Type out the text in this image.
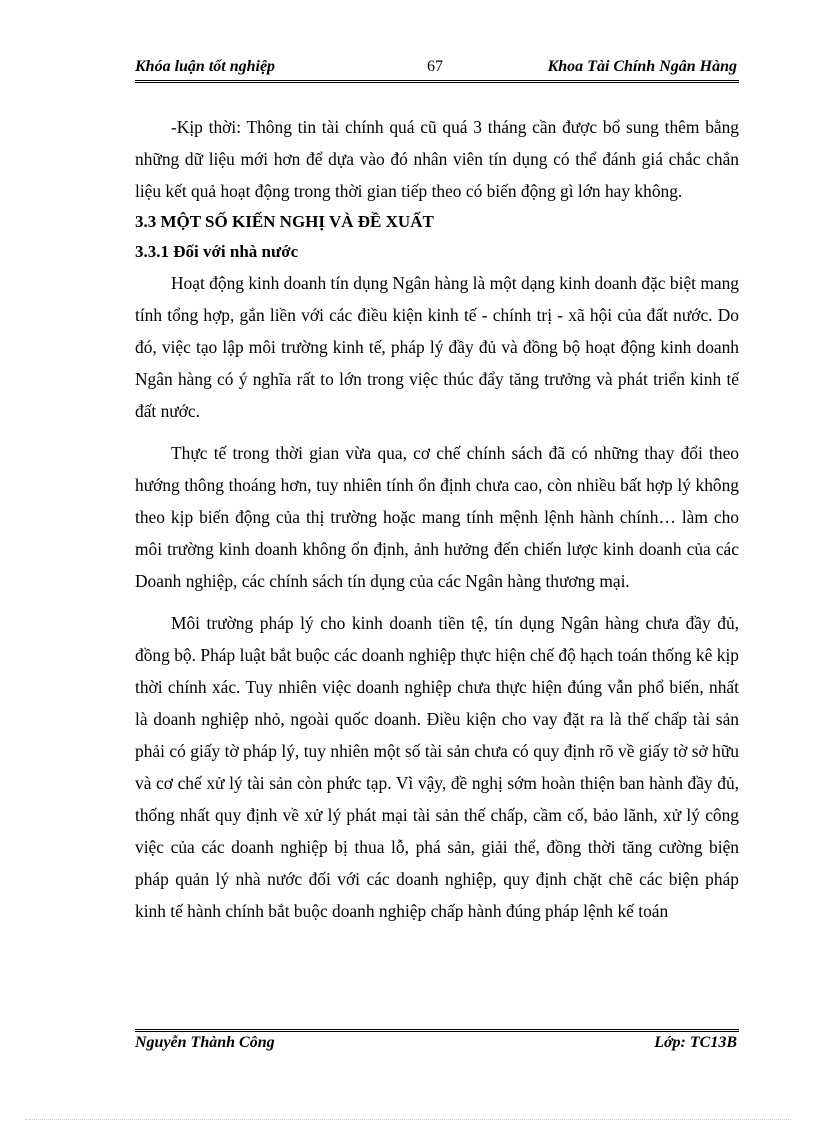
Khóa luận tốt nghiệp	67	Khoa Tài Chính Ngân Hàng

-Kịp thời: Thông tin tài chính quá cũ quá 3 tháng cần được bổ sung thêm bằng những dữ liệu mới hơn để dựa vào đó nhân viên tín dụng có thể đánh giá chắc chắn liệu kết quả hoạt động trong thời gian tiếp theo có biến động gì lớn hay không.

3.3 MỘT SỐ KIẾN NGHỊ VÀ ĐỀ XUẤT

3.3.1 Đối với nhà nước

Hoạt động kinh doanh tín dụng Ngân hàng là một dạng kinh doanh đặc biệt mang tính tổng hợp, gắn liền với các điều kiện kinh tế - chính trị - xã hội của đất nước. Do đó, việc tạo lập môi trường kinh tế, pháp lý đầy đủ và đồng bộ hoạt động kinh doanh Ngân hàng có ý nghĩa rất to lớn trong việc thúc đẩy tăng trưởng và phát triển kinh tế đất nước.

Thực tế trong thời gian vừa qua, cơ chế chính sách đã có những thay đổi theo hướng thông thoáng hơn, tuy nhiên tính ổn định chưa cao, còn nhiều bất hợp lý không theo kịp biến động của thị trường hoặc mang tính mệnh lệnh hành chính… làm cho môi trường kinh doanh không ổn định, ảnh hưởng đến chiến lược kinh doanh của các Doanh nghiệp, các chính sách tín dụng của các Ngân hàng thương mại.

Môi trường pháp lý cho kinh doanh tiền tệ, tín dụng Ngân hàng chưa đầy đủ, đồng bộ. Pháp luật bắt buộc các doanh nghiệp thực hiện chế độ hạch toán thống kê kịp thời chính xác. Tuy nhiên việc doanh nghiệp chưa thực hiện đúng vẫn phổ biến, nhất là doanh nghiệp nhỏ, ngoài quốc doanh. Điều kiện cho vay đặt ra là thế chấp tài sản phải có giấy tờ pháp lý, tuy nhiên một số tài sản chưa có quy định rõ về giấy tờ sở hữu và cơ chế xử lý tài sản còn phức tạp. Vì vậy, đề nghị sớm hoàn thiện ban hành đầy đủ, thống nhất quy định về xử lý phát mại tài sản thế chấp, cầm cố, bảo lãnh, xử lý công việc của các doanh nghiệp bị thua lỗ, phá sản, giải thể, đồng thời tăng cường biện pháp quản lý nhà nước đối với các doanh nghiệp, quy định chặt chẽ các biện pháp kinh tế hành chính bắt buộc doanh nghiệp chấp hành đúng pháp lệnh kế toán

Nguyễn Thành Công	Lớp: TC13B
